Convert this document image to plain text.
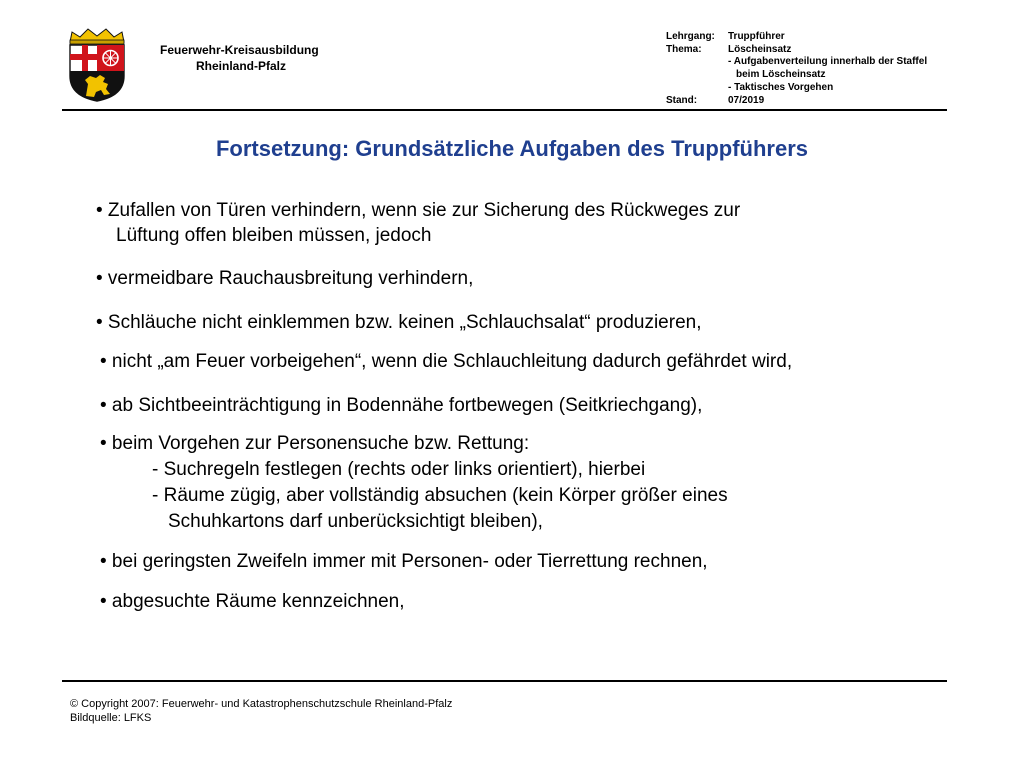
Feuerwehr-Kreisausbildung
Rheinland-Pfalz
Lehrgang:	Truppführer
Thema:	Löscheinsatz
- Aufgabenverteilung innerhalb der Staffel
beim Löscheinsatz
- Taktisches Vorgehen
Stand:	07/2019
Fortsetzung: Grundsätzliche Aufgaben des Truppführers
• Zufallen von Türen verhindern, wenn sie zur Sicherung des Rückweges zur
Lüftung offen bleiben müssen, jedoch
• vermeidbare Rauchausbreitung verhindern,
• Schläuche nicht einklemmen bzw. keinen „Schlauchsalat“ produzieren,
• nicht „am Feuer vorbeigehen“, wenn die Schlauchleitung dadurch gefährdet wird,
• ab Sichtbeeinträchtigung in Bodennähe fortbewegen (Seitkriechgang),
• beim Vorgehen zur Personensuche bzw. Rettung:
- Suchregeln festlegen (rechts oder links orientiert), hierbei
- Räume zügig, aber vollständig absuchen (kein Körper größer eines
Schuhkartons darf unberücksichtigt bleiben),
• bei geringsten Zweifeln immer mit Personen- oder Tierrettung rechnen,
• abgesuchte Räume kennzeichnen,
© Copyright 2007: Feuerwehr- und Katastrophenschutzschule Rheinland-Pfalz
Bildquelle: LFKS
